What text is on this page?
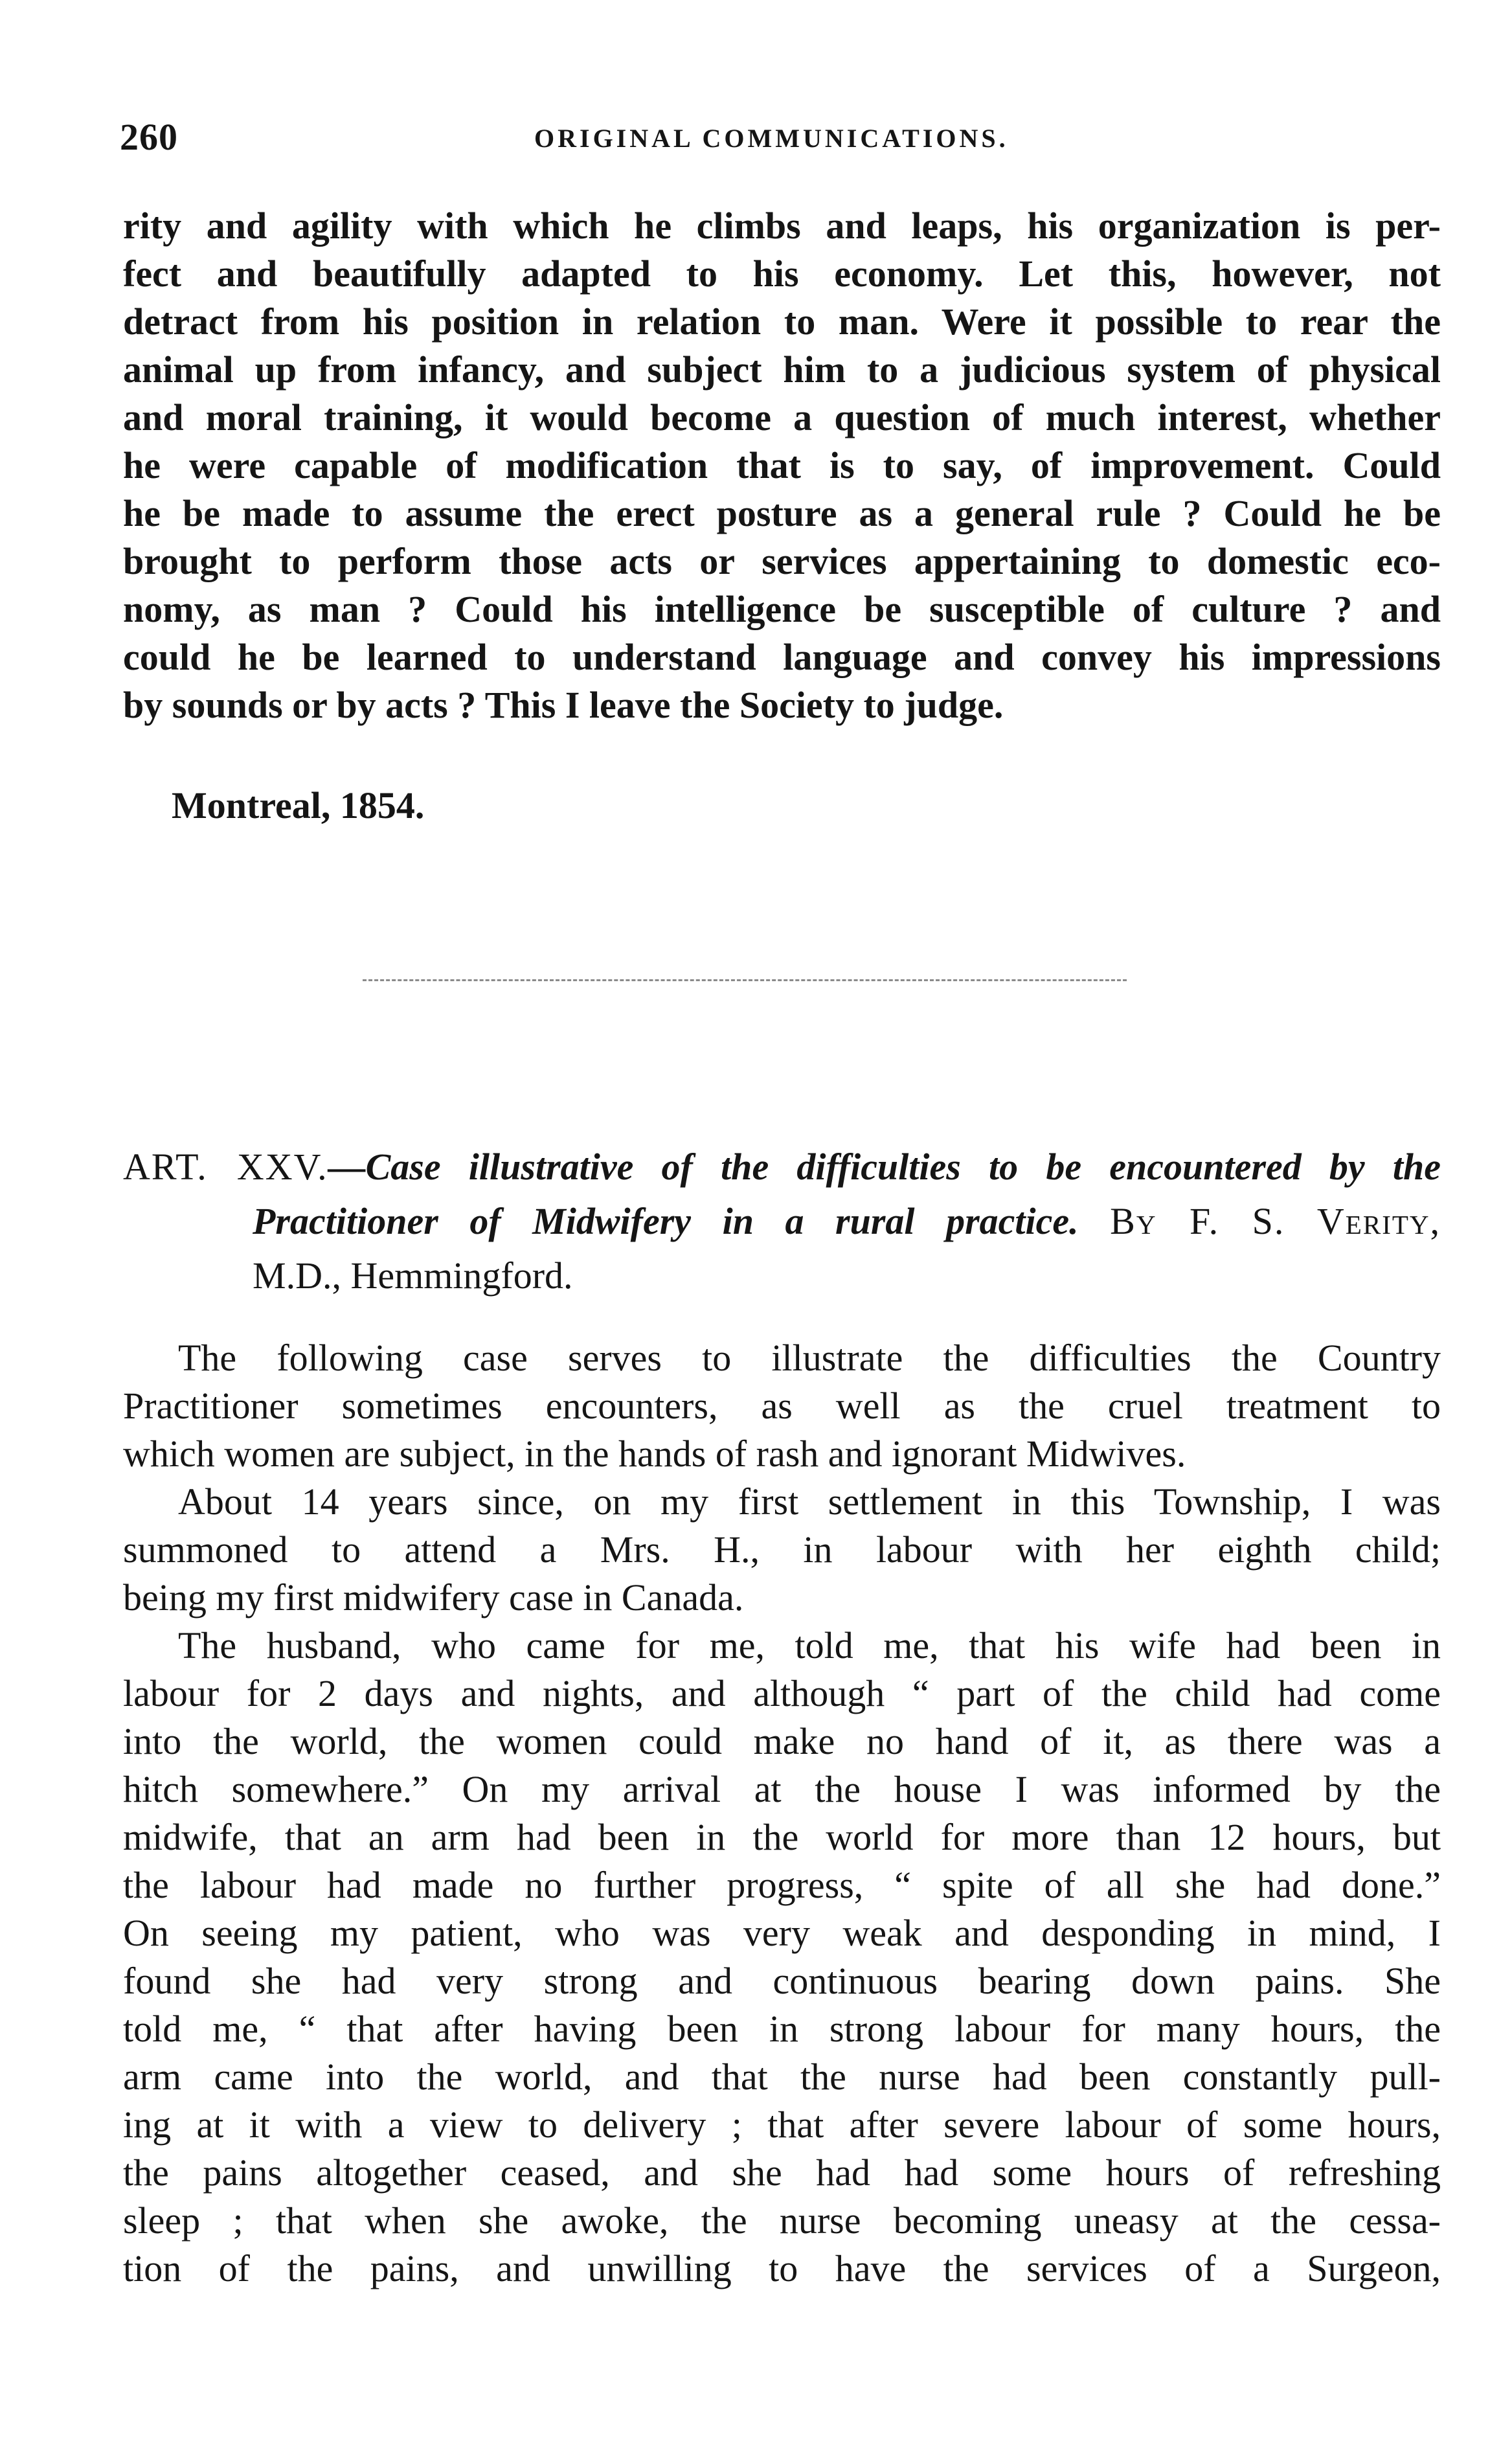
260	ORIGINAL COMMUNICATIONS.
rity and agility with which he climbs and leaps, his organization is per-
fect and beautifully adapted to his economy. Let this, however, not
detract from his position in relation to man. Were it possible to rear the
animal up from infancy, and subject him to a judicious system of physical
and moral training, it would become a question of much interest, whether
he were capable of modification that is to say, of improvement. Could
he be made to assume the erect posture as a general rule ? Could he be
brought to perform those acts or services appertaining to domestic eco-
nomy, as man ? Could his intelligence be susceptible of culture ? and
could he be learned to understand language and convey his impressions
by sounds or by acts ? This I leave the Society to judge.
Montreal, 1854.
ART. XXV.—Case illustrative of the difficulties to be encountered by the
Practitioner of Midwifery in a rural practice. By F. S. Verity,
M.D., Hemmingford.
The following case serves to illustrate the difficulties the Country
Practitioner sometimes encounters, as well as the cruel treatment to
which women are subject, in the hands of rash and ignorant Midwives.
About 14 years since, on my first settlement in this Township, I was
summoned to attend a Mrs. H., in labour with her eighth child;
being my first midwifery case in Canada.
The husband, who came for me, told me, that his wife had been in
labour for 2 days and nights, and although “ part of the child had come
into the world, the women could make no hand of it, as there was a
hitch somewhere.” On my arrival at the house I was informed by the
midwife, that an arm had been in the world for more than 12 hours, but
the labour had made no further progress, “ spite of all she had done.”
On seeing my patient, who was very weak and desponding in mind, I
found she had very strong and continuous bearing down pains. She
told me, “ that after having been in strong labour for many hours, the
arm came into the world, and that the nurse had been constantly pull-
ing at it with a view to delivery ; that after severe labour of some hours,
the pains altogether ceased, and she had had some hours of refreshing
sleep ; that when she awoke, the nurse becoming uneasy at the cessa-
tion of the pains, and unwilling to have the services of a Surgeon,
